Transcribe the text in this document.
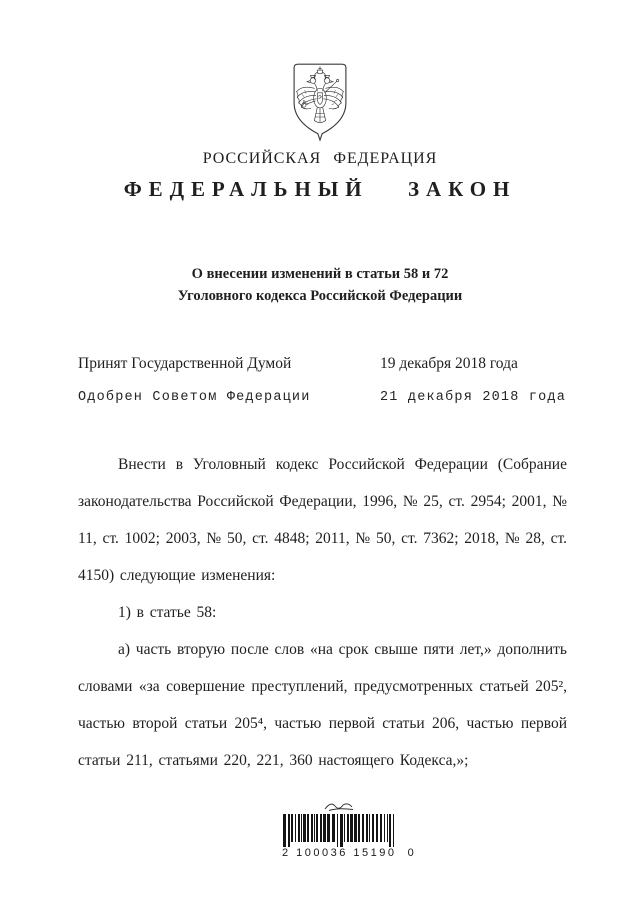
РОССИЙСКАЯ ФЕДЕРАЦИЯ
ФЕДЕРАЛЬНЫЙ ЗАКОН
О внесении изменений в статьи 58 и 72
Уголовного кодекса Российской Федерации
Принят Государственной Думой	19 декабря 2018 года
Одобрен Советом Федерации	21 декабря 2018 года

Внести в Уголовный кодекс Российской Федерации (Собрание законодательства Российской Федерации, 1996, № 25, ст. 2954; 2001, № 11, ст. 1002; 2003, № 50, ст. 4848; 2011, № 50, ст. 7362; 2018, № 28, ст. 4150) следующие изменения:

1) в статье 58:

а) часть вторую после слов «на срок свыше пяти лет,» дополнить словами «за совершение преступлений, предусмотренных статьей 205², частью второй статьи 205⁴, частью первой статьи 206, частью первой статьи 211, статьями 220, 221, 360 настоящего Кодекса,»;

2 100036 15190  0
